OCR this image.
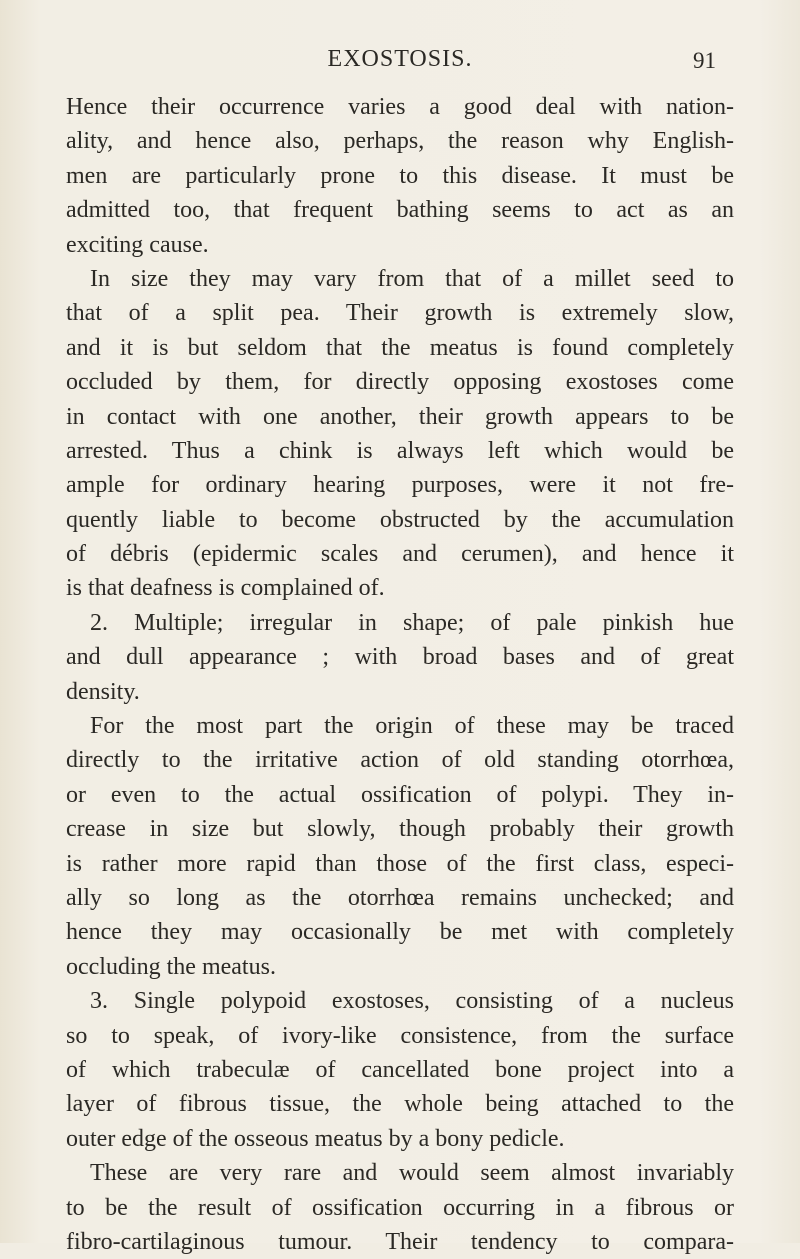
EXOSTOSIS.	91
Hence their occurrence varies a good deal with nation-
ality, and hence also, perhaps, the reason why English-
men are particularly prone to this disease. It must be
admitted too, that frequent bathing seems to act as an
exciting cause.
In size they may vary from that of a millet seed to
that of a split pea. Their growth is extremely slow,
and it is but seldom that the meatus is found completely
occluded by them, for directly opposing exostoses come
in contact with one another, their growth appears to be
arrested. Thus a chink is always left which would be
ample for ordinary hearing purposes, were it not fre-
quently liable to become obstructed by the accumulation
of débris (epidermic scales and cerumen), and hence it
is that deafness is complained of.
2. Multiple; irregular in shape; of pale pinkish hue
and dull appearance ; with broad bases and of great
density.
For the most part the origin of these may be traced
directly to the irritative action of old standing otorrhœa,
or even to the actual ossification of polypi. They in-
crease in size but slowly, though probably their growth
is rather more rapid than those of the first class, especi-
ally so long as the otorrhœa remains unchecked; and
hence they may occasionally be met with completely
occluding the meatus.
3. Single polypoid exostoses, consisting of a nucleus
so to speak, of ivory-like consistence, from the surface
of which trabeculæ of cancellated bone project into a
layer of fibrous tissue, the whole being attached to the
outer edge of the osseous meatus by a bony pedicle.
These are very rare and would seem almost invariably
to be the result of ossification occurring in a fibrous or
fibro-cartilaginous tumour. Their tendency to compara-
